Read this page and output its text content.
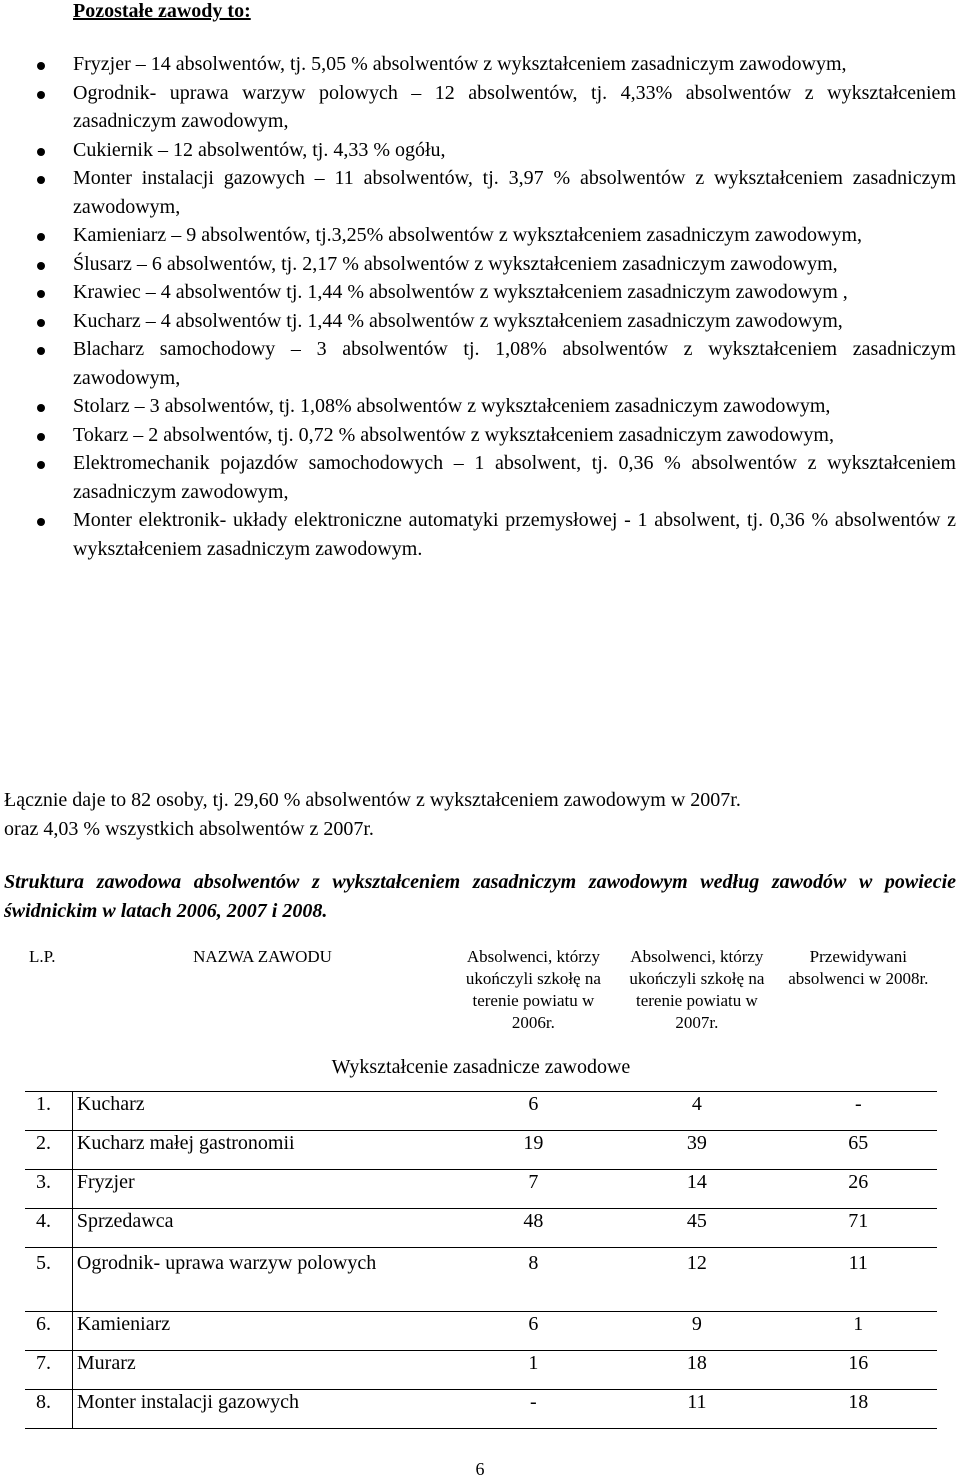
Pozostałe zawody to:
Fryzjer – 14 absolwentów, tj. 5,05 % absolwentów z wykształceniem zasadniczym zawodowym,
Ogrodnik- uprawa warzyw polowych – 12 absolwentów, tj. 4,33% absolwentów z wykształceniem zasadniczym zawodowym,
Cukiernik – 12 absolwentów, tj. 4,33 % ogółu,
Monter instalacji gazowych – 11 absolwentów, tj. 3,97 % absolwentów z wykształceniem zasadniczym zawodowym,
Kamieniarz – 9 absolwentów, tj.3,25% absolwentów z wykształceniem zasadniczym zawodowym,
Ślusarz – 6 absolwentów, tj. 2,17 % absolwentów z wykształceniem zasadniczym zawodowym,
Krawiec – 4 absolwentów tj. 1,44 % absolwentów z wykształceniem zasadniczym zawodowym ,
Kucharz – 4 absolwentów tj. 1,44 % absolwentów z wykształceniem zasadniczym zawodowym,
Blacharz samochodowy – 3 absolwentów tj. 1,08% absolwentów z wykształceniem zasadniczym zawodowym,
Stolarz – 3 absolwentów, tj. 1,08% absolwentów z wykształceniem zasadniczym zawodowym,
Tokarz – 2 absolwentów, tj. 0,72 % absolwentów z wykształceniem zasadniczym zawodowym,
Elektromechanik pojazdów samochodowych – 1 absolwent, tj. 0,36 % absolwentów z wykształceniem zasadniczym zawodowym,
Monter elektronik- układy elektroniczne automatyki przemysłowej - 1 absolwent, tj. 0,36 % absolwentów z wykształceniem zasadniczym zawodowym.
Łącznie daje to 82 osoby, tj. 29,60 % absolwentów z wykształceniem zawodowym w 2007r.
oraz 4,03 % wszystkich absolwentów z 2007r.
Struktura zawodowa absolwentów z wykształceniem zasadniczym zawodowym według zawodów w powiecie świdnickim w latach 2006, 2007 i 2008.
L.P.	NAZWA ZAWODU	Absolwenci, którzy ukończyli szkołę na terenie powiatu w 2006r.	Absolwenci, którzy ukończyli szkołę na terenie powiatu w 2007r.	Przewidywani absolwenci w 2008r.
Wykształcenie zasadnicze zawodowe				
1.	Kucharz	6	4	-
2.	Kucharz małej gastronomii	19	39	65
3.	Fryzjer	7	14	26
4.	Sprzedawca	48	45	71
5.	Ogrodnik- uprawa warzyw polowych	8	12	11
6.	Kamieniarz	6	9	1
7.	Murarz	1	18	16
8.	Monter instalacji gazowych	-	11	18
6
